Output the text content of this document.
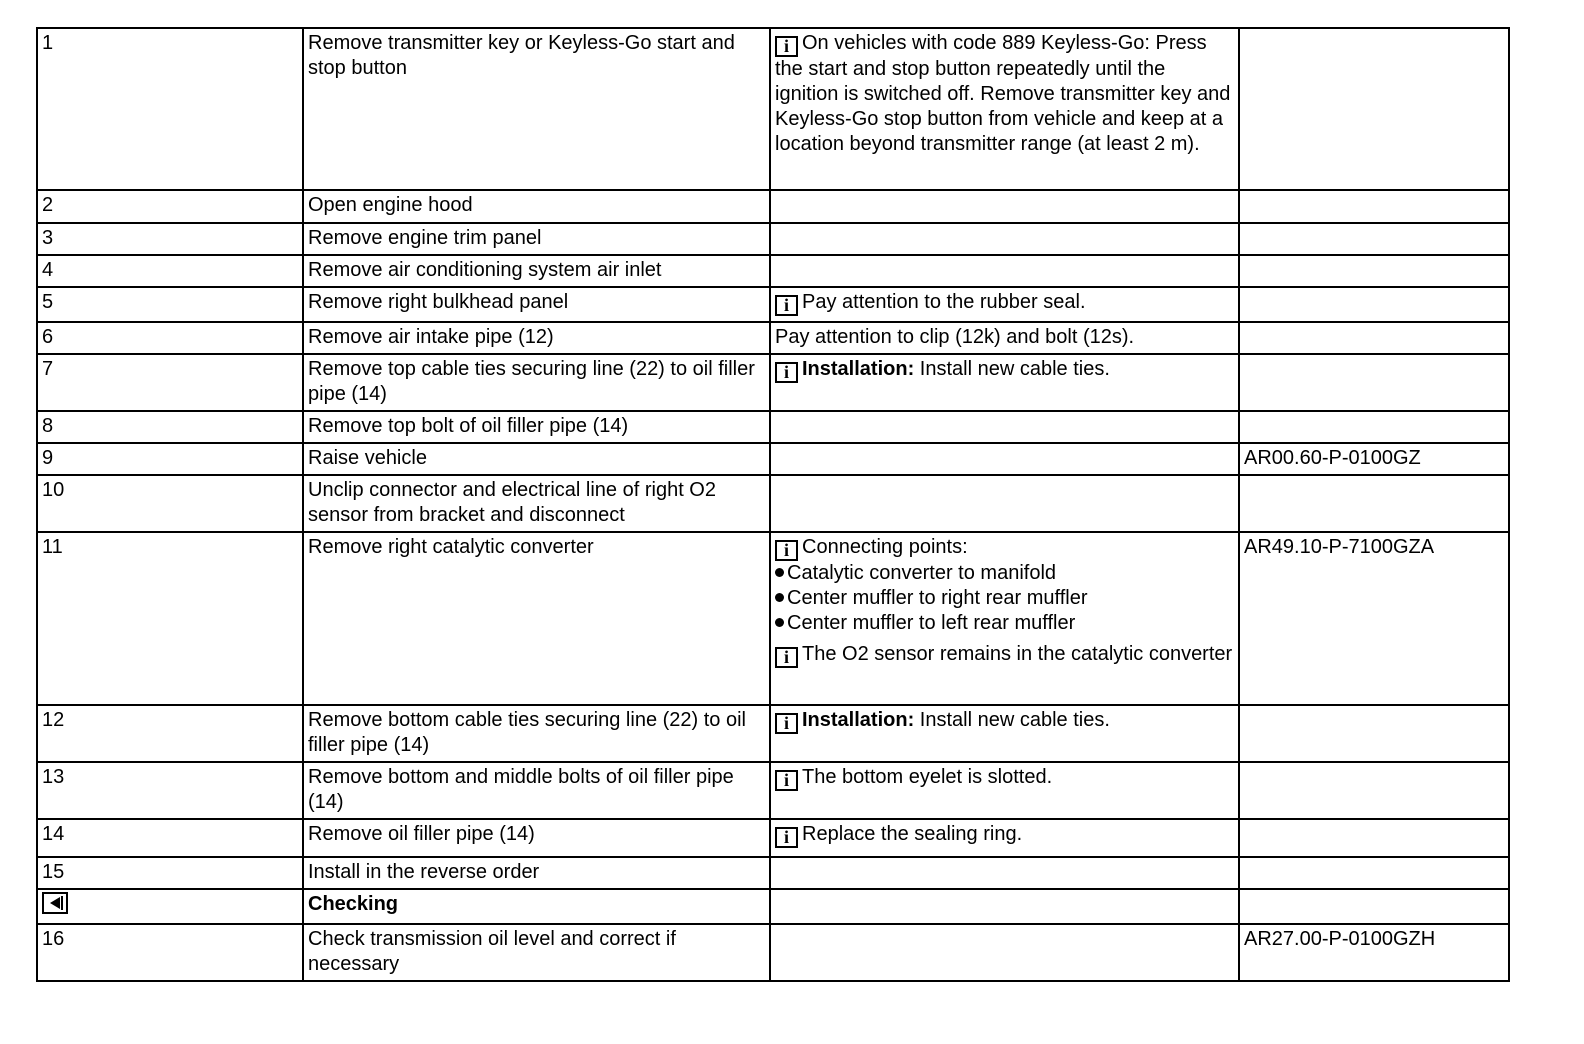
1	Remove transmitter key or Keyless-Go start and stop button	i On vehicles with code 889 Keyless-Go: Press the start and stop button repeatedly until the ignition is switched off. Remove transmitter key and Keyless-Go stop button from vehicle and keep at a location beyond transmitter range (at least 2 m).	
2	Open engine hood		
3	Remove engine trim panel		
4	Remove air conditioning system air inlet		
5	Remove right bulkhead panel	i Pay attention to the rubber seal.	
6	Remove air intake pipe (12)	Pay attention to clip (12k) and bolt (12s).	
7	Remove top cable ties securing line (22) to oil filler pipe (14)	i Installation: Install new cable ties.	
8	Remove top bolt of oil filler pipe (14)		
9	Raise vehicle		AR00.60-P-0100GZ
10	Unclip connector and electrical line of right O2 sensor from bracket and disconnect		
11	Remove right catalytic converter	i Connecting points:
Catalytic converter to manifold
Center muffler to right rear muffler
Center muffler to left rear muffler
i The O2 sensor remains in the catalytic converter	AR49.10-P-7100GZA
12	Remove bottom cable ties securing line (22) to oil filler pipe (14)	i Installation: Install new cable ties.	
13	Remove bottom and middle bolts of oil filler pipe (14)	i The bottom eyelet is slotted.	
14	Remove oil filler pipe (14)	i Replace the sealing ring.	
15	Install in the reverse order		
	Checking		
16	Check transmission oil level and correct if necessary		AR27.00-P-0100GZH
